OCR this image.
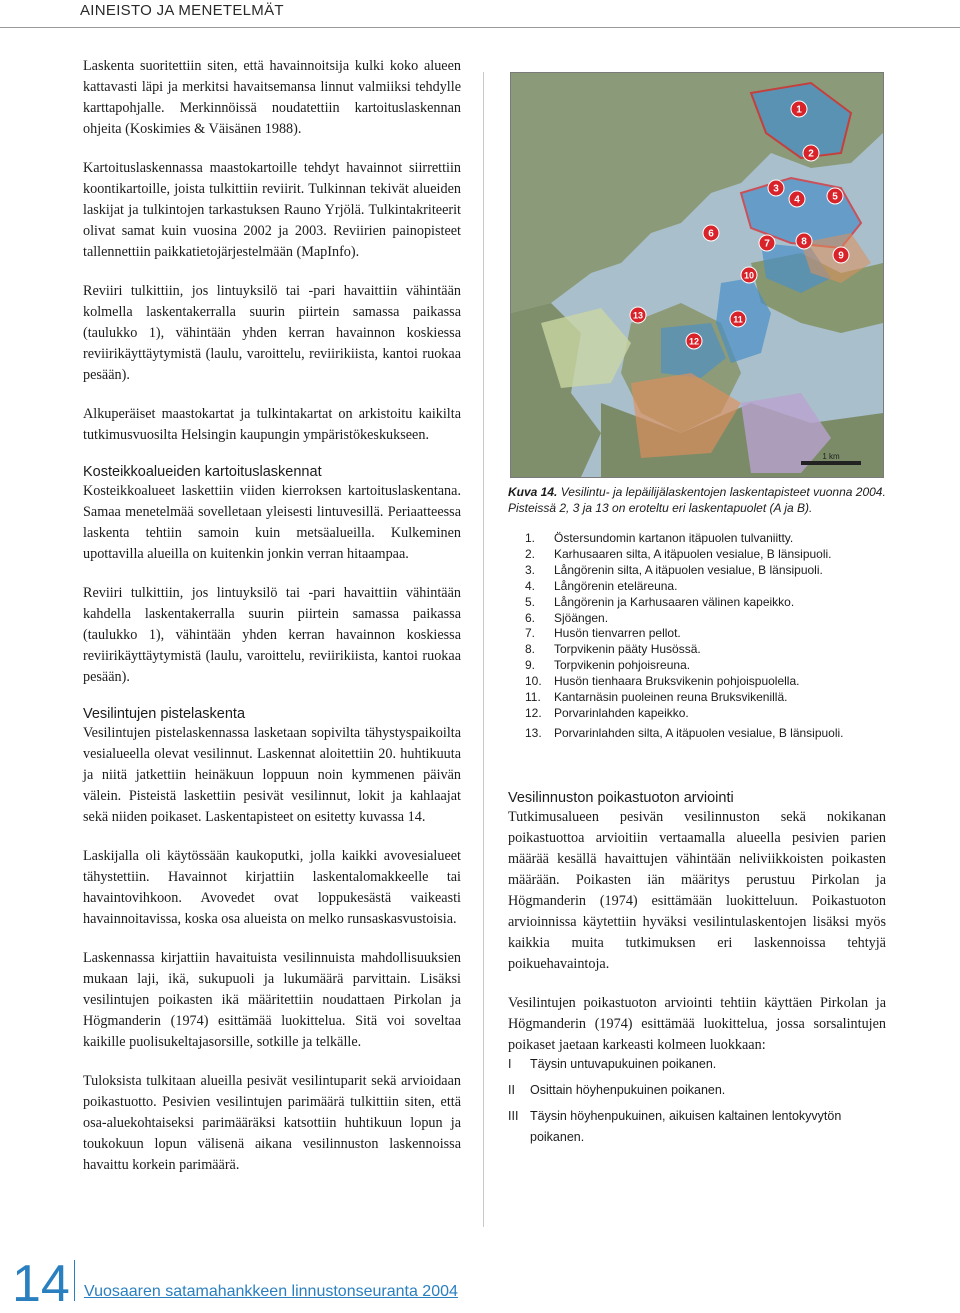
AINEISTO JA MENETELMÄT

Laskenta suoritettiin siten, että havainnoitsija kulki koko alueen kattavasti läpi ja merkitsi havaitsemansa linnut valmiiksi tehdylle karttapohjalle. Merkinnöissä noudatettiin kartoituslaskennan ohjeita (Koskimies & Väisänen 1988).

Kartoituslaskennassa maastokartoille tehdyt havainnot siirrettiin koontikartoille, joista tulkittiin reviirit. Tulkinnan tekivät alueiden laskijat ja tulkintojen tarkastuksen Rauno Yrjölä. Tulkintakriteerit olivat samat kuin vuosina 2002 ja 2003. Reviirien painopisteet tallennettiin paikkatietojärjestelmään (MapInfo).

Reviiri tulkittiin, jos lintuyksilö tai -pari havaittiin vähintään kolmella laskentakerralla suurin piirtein samassa paikassa (taulukko 1), vähintään yhden kerran havainnon koskiessa reviirikäyttäytymistä (laulu, varoittelu, reviirikiista, kantoi ruokaa pesään).

Alkuperäiset maastokartat ja tulkintakartat on arkistoitu kaikilta tutkimusvuosilta Helsingin kaupungin ympäristökeskukseen.

Kosteikkoalueiden kartoituslaskennat

Kosteikkoalueet laskettiin viiden kierroksen kartoituslaskentana. Samaa menetelmää sovelletaan yleisesti lintuvesillä. Periaatteessa laskenta tehtiin samoin kuin metsäalueilla. Kulkeminen upottavilla alueilla on kuitenkin jonkin verran hitaampaa.

Reviiri tulkittiin, jos lintuyksilö tai -pari havaittiin vähintään kahdella laskentakerralla suurin piirtein samassa paikassa (taulukko 1), vähintään yhden kerran havainnon koskiessa reviirikäyttäytymistä (laulu, varoittelu, reviirikiista, kantoi ruokaa pesään).

Vesilintujen pistelaskenta

Vesilintujen pistelaskennassa lasketaan sopivilta tähystyspaikoilta vesialueella olevat vesilinnut. Laskennat aloitettiin 20. huhtikuuta ja niitä jatkettiin heinäkuun loppuun noin kymmenen päivän välein. Pisteistä laskettiin pesivät vesilinnut, lokit ja kahlaajat sekä niiden poikaset. Laskentapisteet on esitetty kuvassa 14.

Laskijalla oli käytössään kaukoputki, jolla kaikki avovesialueet tähystettiin. Havainnot kirjattiin laskentalomakkeelle tai havaintovihkoon. Avovedet ovat loppukesästä vaikeasti havainnoitavissa, koska osa alueista on melko runsaskasvustoisia.

Laskennassa kirjattiin havaituista vesilinnuista mahdollisuuksien mukaan laji, ikä, sukupuoli ja lukumäärä parvittain. Lisäksi vesilintujen poikasten ikä määritettiin noudattaen Pirkolan ja Högmanderin (1974) esittämää luokittelua. Sitä voi soveltaa kaikille puolisukeltajasorsille, sotkille ja telkälle.

Tuloksista tulkitaan alueilla pesivät vesilintuparit sekä arvioidaan poikastuotto. Pesivien vesilintujen parimäärä tulkittiin siten, että osa-aluekohtaiseksi parimääräksi katsottiin huhtikuun lopun ja toukokuun lopun välisenä aikana vesilinnuston laskennoissa havaittu korkein parimäärä.

1 km
1
2
3
4	5
6
7	8
9
10
11
12
13
Kuva 14. Vesilintu- ja lepäilijälaskentojen laskentapisteet vuonna 2004. Pisteissä 2, 3 ja 13 on eroteltu eri laskentapuolet (A ja B).
1.	Östersundomin kartanon itäpuolen tulvaniitty.
2.	Karhusaaren silta, A itäpuolen vesialue, B länsipuoli.
3.	Långörenin silta, A itäpuolen vesialue, B länsipuoli.
4.	Långörenin eteläreuna.
5.	Långörenin ja Karhusaaren välinen kapeikko.
6.	Sjöängen.
7.	Husön tienvarren pellot.
8.	Torpvikenin pääty Husössä.
9.	Torpvikenin pohjoisreuna.
10.	Husön tienhaara Bruksvikenin pohjoispuolella.
11.	Kantarnäsin puoleinen reuna Bruksvikenillä.
12.	Porvarinlahden kapeikko.
13.	Porvarinlahden silta, A itäpuolen vesialue, B länsipuoli.
Vesilinnuston poikastuoton arviointi

Tutkimusalueen pesivän vesilinnuston sekä nokikanan poikastuottoa arvioitiin vertaamalla alueella pesivien parien määrää kesällä havaittujen vähintään neliviikkoisten poikasten määrään. Poikasten iän määritys perustuu Pirkolan ja Högmanderin (1974) esittämään luokitteluun. Poikastuoton arvioinnissa käytettiin hyväksi vesilintulaskentojen lisäksi myös kaikkia muita tutkimuksen eri laskennoissa tehtyjä poikuehavaintoja.

Vesilintujen poikastuoton arviointi tehtiin käyttäen Pirkolan ja Högmanderin (1974) esittämää luokittelua, jossa sorsalintujen poikaset jaetaan karkeasti kolmeen luokkaan:

I	Täysin untuvapukuinen poikanen.
II	Osittain höyhenpukuinen poikanen.
III Täysin höyhenpukuinen, aikuisen kaltainen lentokyvytön poikanen.
14 Vuosaaren satamahankkeen linnustonseuranta 2004
